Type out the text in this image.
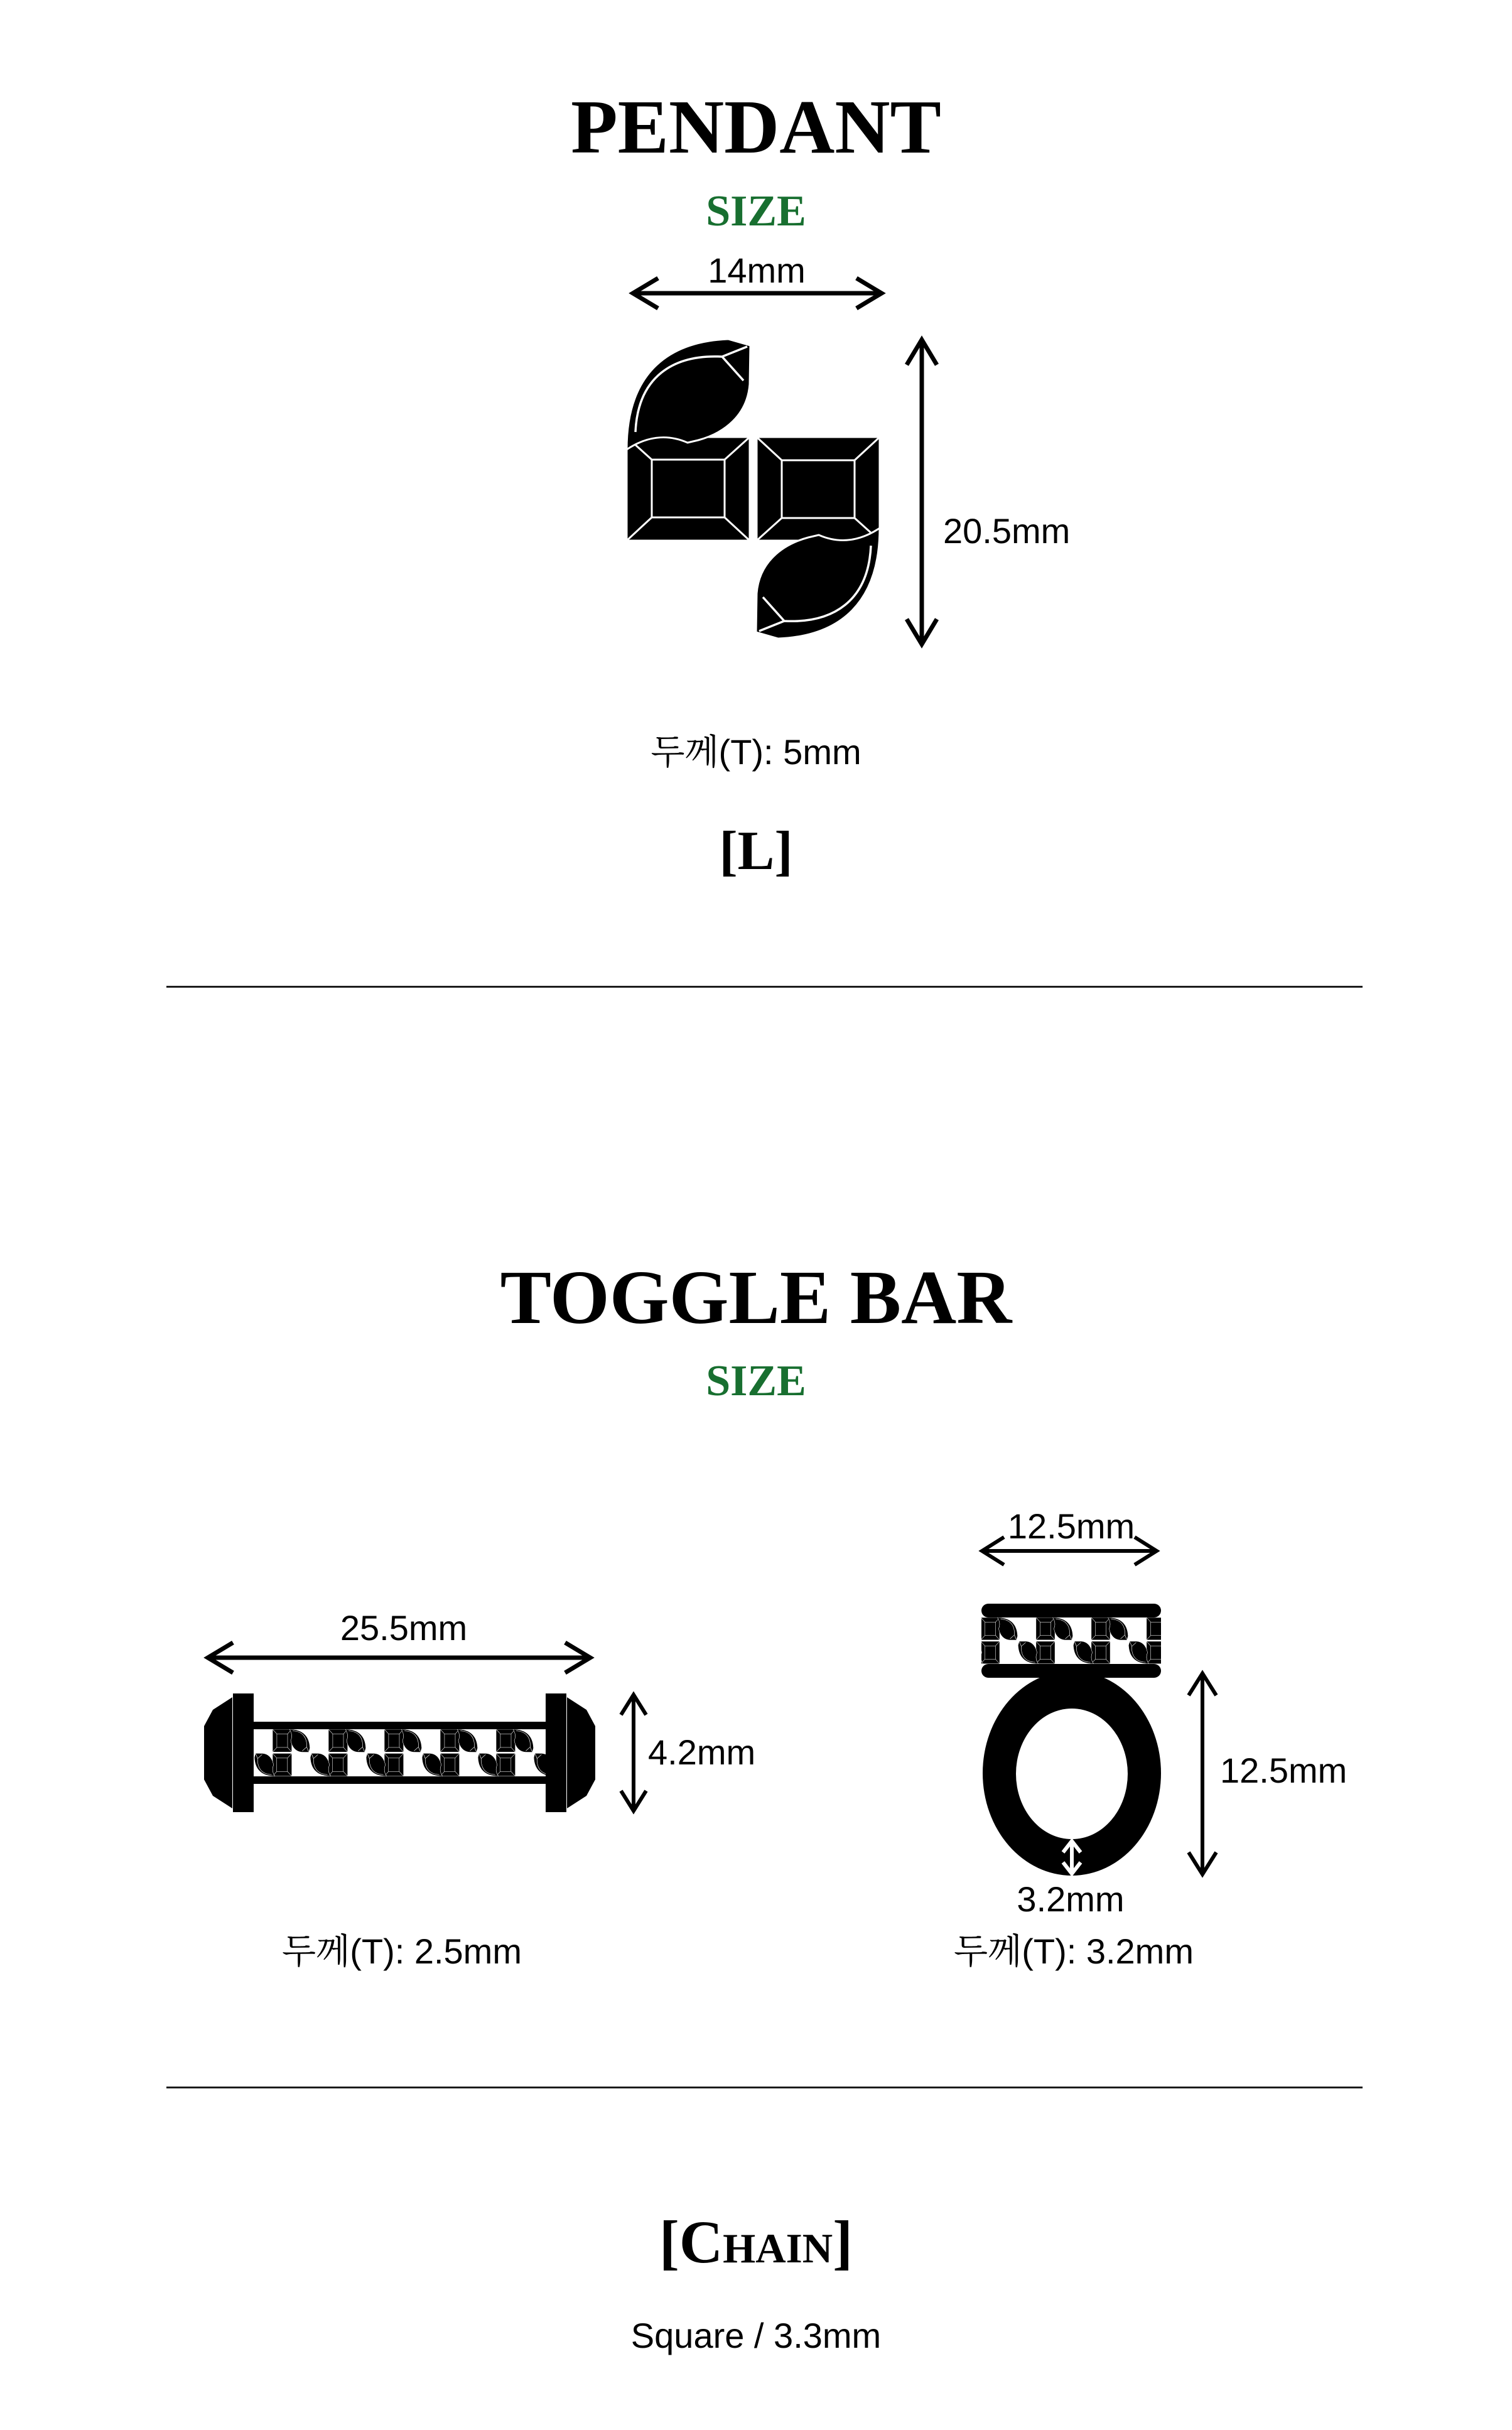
PENDANT
SIZE
14mm
20.5mm
두께(T): 5mm
[L]
TOGGLE BAR
SIZE
25.5mm
4.2mm
두께(T): 2.5mm
12.5mm
12.5mm
3.2mm
두께(T): 3.2mm
[Chain]
Square / 3.3mm
